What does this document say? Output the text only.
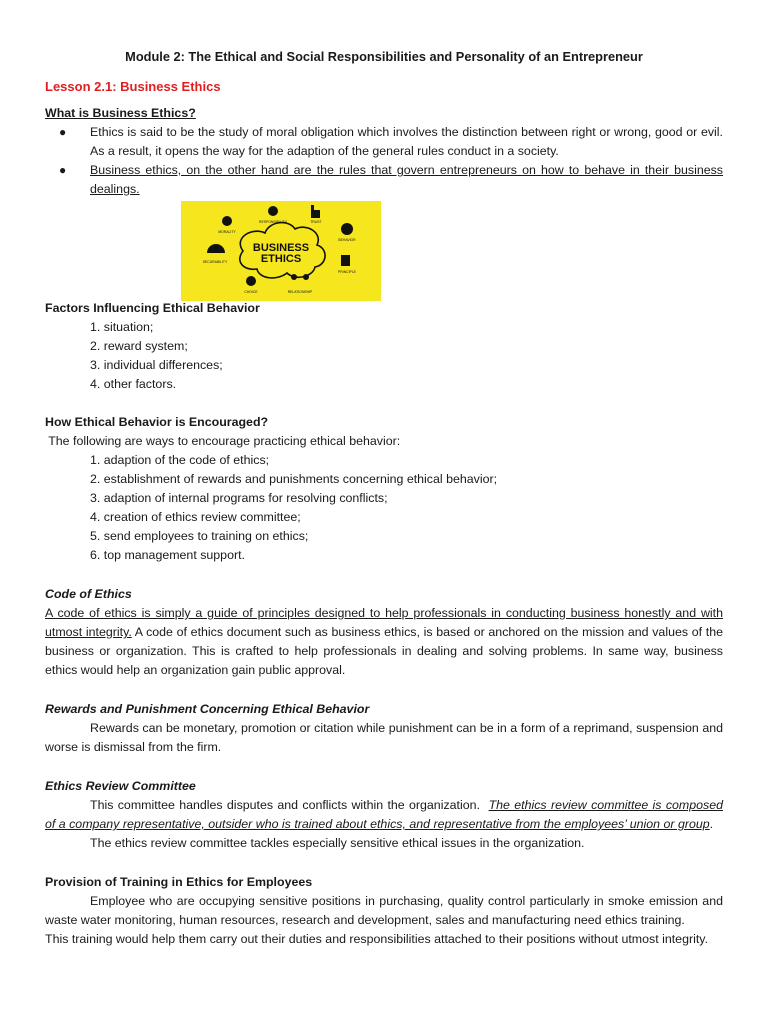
Module 2: The Ethical and Social Responsibilities and Personality of an Entrepreneur

Lesson 2.1: Business Ethics

What is Business Ethics?

● Ethics is said to be the study of moral obligation which involves the distinction between right or wrong, good or evil. As a result, it opens the way for the adaption of the general rules conduct in a society.

● Business ethics, on the other hand are the rules that govern entrepreneurs on how to behave in their business dealings.

BUSINESS
ETHICS
RESPONSIBILITY	TRUST
MORALITY
BEHAVIOR
SECURABILITY
PRINCIPLE
CHOICE	RELATIONSHIP

Factors Influencing Ethical Behavior

1. situation;

2. reward system;

3. individual differences;

4. other factors.

How Ethical Behavior is Encouraged?

The following are ways to encourage practicing ethical behavior:

1. adaption of the code of ethics;

2. establishment of rewards and punishments concerning ethical behavior;

3. adaption of internal programs for resolving conflicts;

4. creation of ethics review committee;

5. send employees to training on ethics;

6. top management support.

Code of Ethics

A code of ethics is simply a guide of principles designed to help professionals in conducting business honestly and with utmost integrity. A code of ethics document such as business ethics, is based or anchored on the mission and values of the business or organization. This is crafted to help professionals in dealing and solving problems. In same way, business ethics would help an organization gain public approval.

Rewards and Punishment Concerning Ethical Behavior

Rewards can be monetary, promotion or citation while punishment can be in a form of a reprimand, suspension and worse is dismissal from the firm.

Ethics Review Committee

This committee handles disputes and conflicts within the organization.  The ethics review committee is composed of a company representative, outsider who is trained about ethics, and representative from the employees’ union or group.

The ethics review committee tackles especially sensitive ethical issues in the organization.

Provision of Training in Ethics for Employees

Employee who are occupying sensitive positions in purchasing, quality control particularly in smoke emission and waste water monitoring, human resources, research and development, sales and manufacturing need ethics training.

This training would help them carry out their duties and responsibilities attached to their positions without utmost integrity.
